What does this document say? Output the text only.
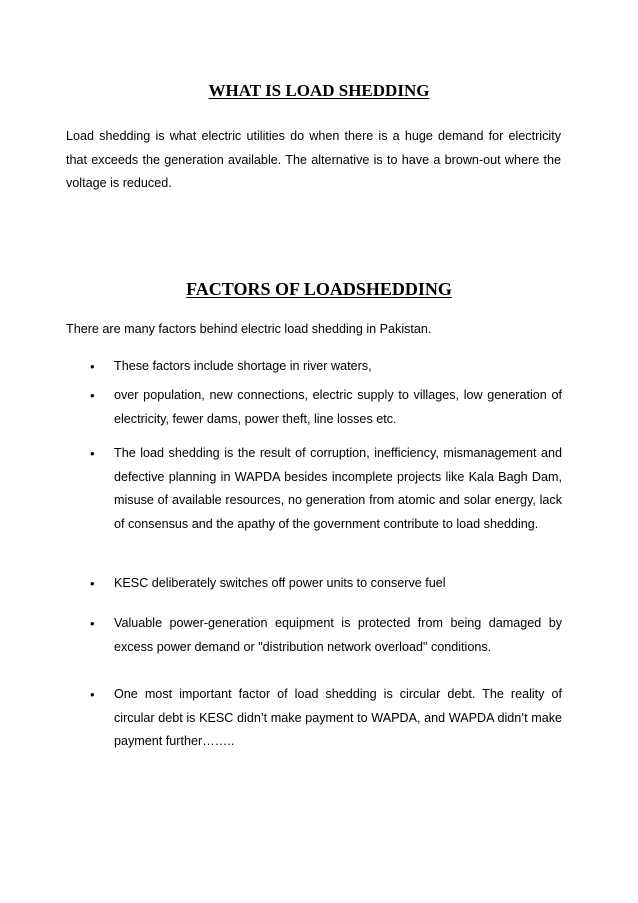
WHAT IS LOAD SHEDDING

Load shedding is what electric utilities do when there is a huge demand for electricity that exceeds the generation available. The alternative is to have a brown-out where the voltage is reduced.

FACTORS OF LOADSHEDDING

There are many factors behind electric load shedding in Pakistan.

•	These factors include shortage in river waters,
•	over population, new connections, electric supply to villages, low generation of electricity, fewer dams, power theft, line losses etc.
•	The load shedding is the result of corruption, inefficiency, mismanagement and defective planning in WAPDA besides incomplete projects like Kala Bagh Dam, misuse of available resources, no generation from atomic and solar energy, lack of consensus and the apathy of the government contribute to load shedding.
•	KESC deliberately switches off power units to conserve fuel
•	Valuable power-generation equipment is protected from being damaged by excess power demand or "distribution network overload" conditions.
•	One most important factor of load shedding is circular debt. The reality of circular debt is KESC didn’t make payment to WAPDA, and WAPDA didn’t make payment further……..
